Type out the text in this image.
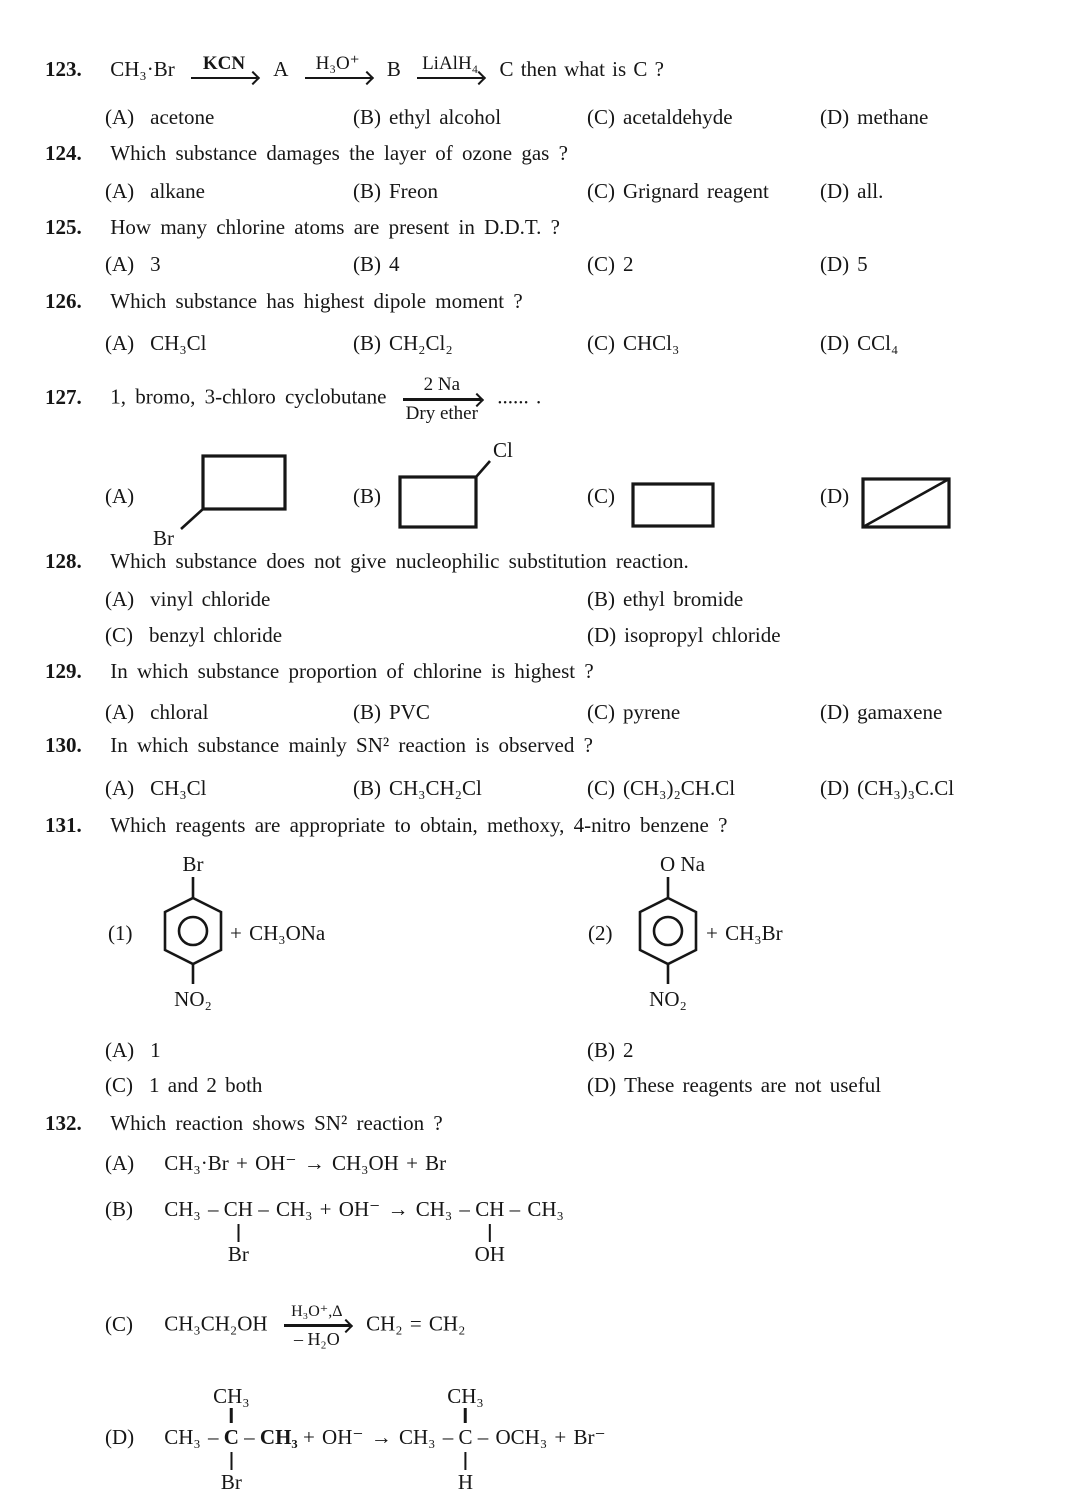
123. CH₃·Br KCN A H₃O⁺ B LiAlH₄ C then what is C ?
(A) acetone	(B) ethyl alcohol	(C) acetaldehyde	(D) methane
124. Which substance damages the layer of ozone gas ?
(A) alkane	(B) Freon	(C) Grignard reagent (D) all.
125. How many chlorine atoms are present in D.D.T. ?
(A) 3	(B) 4	(C) 2	(D) 5
126. Which substance has highest dipole moment ?
(A) CH₃Cl	(B) CH₂Cl₂	(C) CHCl₃	(D) CCl₄
127. 1, bromo, 3-chloro cyclobutane
2 Na
Dry ether
...... .
(A)
Br
(B)
Cl
(C)	(D)
128. Which substance does not give nucleophilic substitution reaction.
(A) vinyl chloride	(B) ethyl bromide
(C) benzyl chloride	(D) isopropyl chloride
129. In which substance proportion of chlorine is highest ?
(A) chloral	(B) PVC	(C) pyrene	(D) gamaxene
130. In which substance mainly SN² reaction is observed ?
(A) CH₃Cl	(B) CH₃CH₂Cl	(C) (CH₃)₂CH.Cl	(D) (CH₃)₃C.Cl
131. Which reagents are appropriate to obtain, methoxy, 4-nitro benzene ?
(1)
Br
NO₂
+ CH₃ONa	(2)
O Na
NO₂
+ CH₃Br
(A) 1	(B) 2
(C) 1 and 2 both	(D) These reagents are not useful
132. Which reaction shows SN² reaction ?
(A) CH₃·Br + OH⁻ → CH₃OH + Br
(B) CH₃ – CH
Br
– CH₃ + OH⁻ → CH₃ – CH
OH
– CH₃
(C) $CH_3CH_2OH \frac{\text{H₃O⁺,Δ}}{\text{– H₂O}} CH_2 = CH_2$
(D) CH₃ – C
CH₃
Br
– CH₃ + OH⁻ → CH₃ – C
CH₃
H
– OCH₃ + Br⁻
